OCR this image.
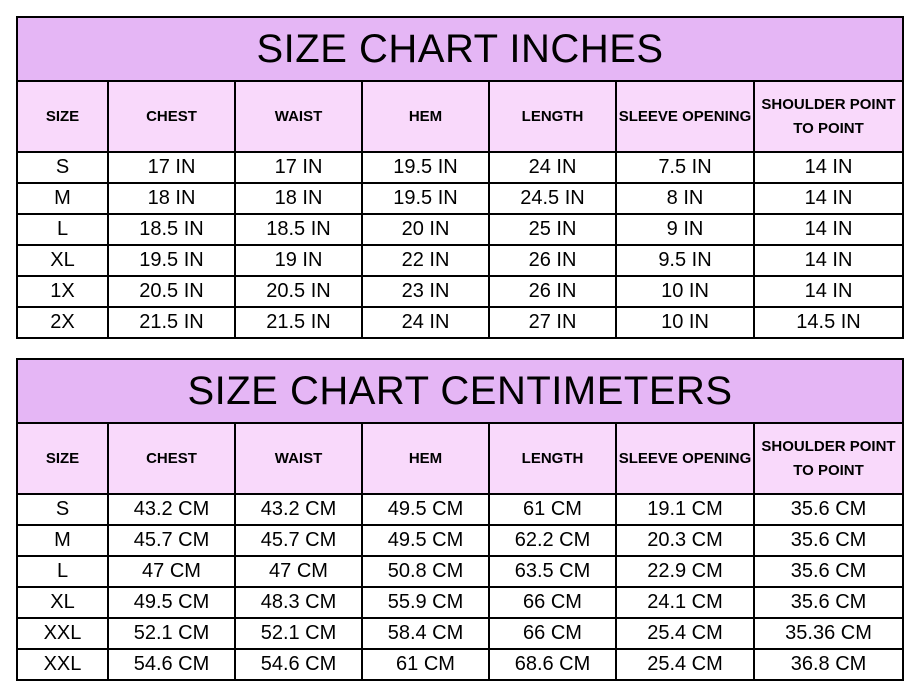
SIZE CHART INCHES						
SIZE	CHEST	WAIST	HEM	LENGTH	SLEEVE OPENING	SHOULDER POINT TO POINT
S	17 IN	17 IN	19.5 IN	24 IN	7.5 IN	14 IN
M	18 IN	18 IN	19.5 IN	24.5 IN	8 IN	14 IN
L	18.5 IN	18.5 IN	20 IN	25 IN	9 IN	14 IN
XL	19.5 IN	19 IN	22 IN	26 IN	9.5 IN	14 IN
1X	20.5 IN	20.5 IN	23 IN	26 IN	10 IN	14 IN
2X	21.5 IN	21.5 IN	24 IN	27 IN	10 IN	14.5 IN
SIZE CHART CENTIMETERS						
SIZE	CHEST	WAIST	HEM	LENGTH	SLEEVE OPENING	SHOULDER POINT TO POINT
S	43.2 CM	43.2 CM	49.5 CM	61 CM	19.1 CM	35.6 CM
M	45.7 CM	45.7 CM	49.5 CM	62.2 CM	20.3 CM	35.6 CM
L	47 CM	47 CM	50.8 CM	63.5 CM	22.9 CM	35.6 CM
XL	49.5 CM	48.3 CM	55.9 CM	66 CM	24.1 CM	35.6 CM
XXL	52.1 CM	52.1 CM	58.4 CM	66 CM	25.4 CM	35.36 CM
XXL	54.6 CM	54.6 CM	61 CM	68.6 CM	25.4 CM	36.8 CM
